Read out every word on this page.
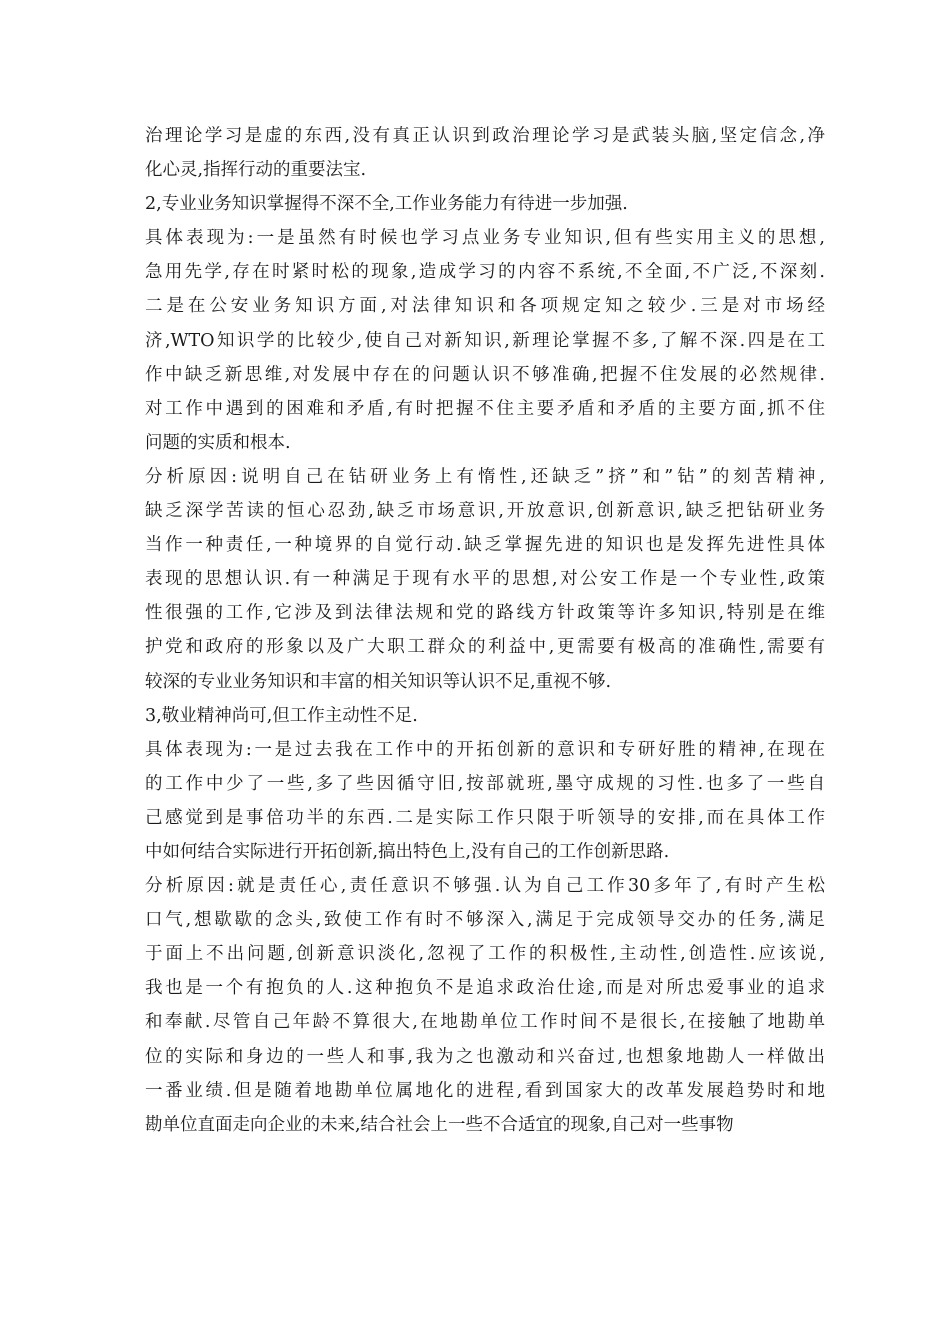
治理论学习是虚的东西,没有真正认识到政治理论学习是武装头脑,坚定信念,净
化心灵,指挥行动的重要法宝.
2,专业业务知识掌握得不深不全,工作业务能力有待进一步加强.
具体表现为:一是虽然有时候也学习点业务专业知识,但有些实用主义的思想,
急用先学,存在时紧时松的现象,造成学习的内容不系统,不全面,不广泛,不深刻.
二是在公安业务知识方面,对法律知识和各项规定知之较少.三是对市场经
济,WTO知识学的比较少,使自己对新知识,新理论掌握不多,了解不深.四是在工
作中缺乏新思维,对发展中存在的问题认识不够准确,把握不住发展的必然规律.
对工作中遇到的困难和矛盾,有时把握不住主要矛盾和矛盾的主要方面,抓不住
问题的实质和根本.
分析原因:说明自己在钻研业务上有惰性,还缺乏”挤”和”钻”的刻苦精神,
缺乏深学苦读的恒心忍劲,缺乏市场意识,开放意识,创新意识,缺乏把钻研业务
当作一种责任,一种境界的自觉行动.缺乏掌握先进的知识也是发挥先进性具体
表现的思想认识.有一种满足于现有水平的思想,对公安工作是一个专业性,政策
性很强的工作,它涉及到法律法规和党的路线方针政策等许多知识,特别是在维
护党和政府的形象以及广大职工群众的利益中,更需要有极高的准确性,需要有
较深的专业业务知识和丰富的相关知识等认识不足,重视不够.
3,敬业精神尚可,但工作主动性不足.
具体表现为:一是过去我在工作中的开拓创新的意识和专研好胜的精神,在现在
的工作中少了一些,多了些因循守旧,按部就班,墨守成规的习性.也多了一些自
己感觉到是事倍功半的东西.二是实际工作只限于听领导的安排,而在具体工作
中如何结合实际进行开拓创新,搞出特色上,没有自己的工作创新思路.
分析原因:就是责任心,责任意识不够强.认为自己工作30多年了,有时产生松
口气,想歇歇的念头,致使工作有时不够深入,满足于完成领导交办的任务,满足
于面上不出问题,创新意识淡化,忽视了工作的积极性,主动性,创造性.应该说,
我也是一个有抱负的人.这种抱负不是追求政治仕途,而是对所忠爱事业的追求
和奉献.尽管自己年龄不算很大,在地勘单位工作时间不是很长,在接触了地勘单
位的实际和身边的一些人和事,我为之也激动和兴奋过,也想象地勘人一样做出
一番业绩.但是随着地勘单位属地化的进程,看到国家大的改革发展趋势时和地
勘单位直面走向企业的未来,结合社会上一些不合适宜的现象,自己对一些事物
